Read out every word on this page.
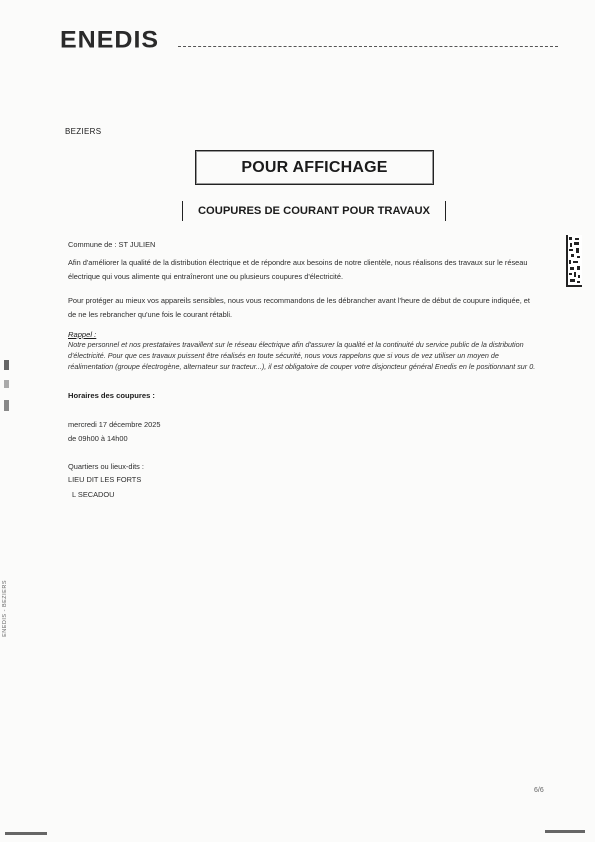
ENEDIS
BEZIERS
POUR AFFICHAGE
COUPURES DE COURANT POUR TRAVAUX
Commune de : ST JULIEN
Afin d'améliorer la qualité de la distribution électrique et de répondre aux besoins de notre clientèle, nous réalisons des travaux sur le réseau électrique qui vous alimente qui entraîneront une ou plusieurs coupures d'électricité.
Pour protéger au mieux vos appareils sensibles, nous vous recommandons de les débrancher avant l'heure de début de coupure indiquée, et de ne les rebrancher qu'une fois le courant rétabli.
Rappel :
Notre personnel et nos prestataires travaillent sur le réseau électrique afin d'assurer la qualité et la continuité du service public de la distribution d'électricité. Pour que ces travaux puissent être réalisés en toute sécurité, nous vous rappelons que si vous de vez utiliser un moyen de réalimentation (groupe électrogène, alternateur sur tracteur...), il est obligatoire de couper votre disjoncteur général Enedis en le positionnant sur 0.
Horaires des coupures :
mercredi 17 décembre 2025
de 09h00 à 14h00
Quartiers ou lieux-dits :
LIEU DIT LES FORTS
L SECADOU
6/6
ENEDIS - BEZIERS
